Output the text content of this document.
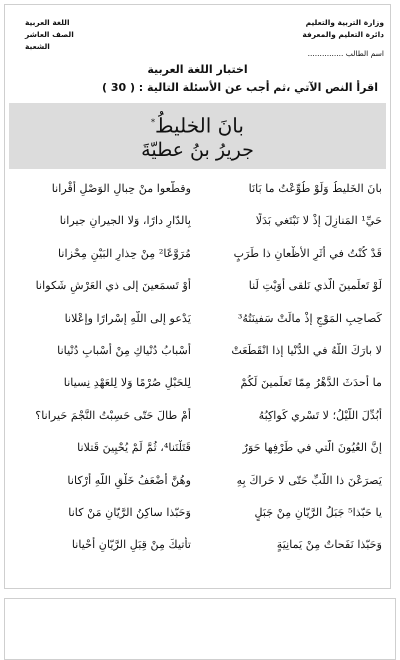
وزارة التربية والتعليم
دائرة التعليم والمعرفة
اللغة العربية
الصف العاشر
الشعبة
اسم الطالب ...............
اختبار اللغة العربية
اقرأ النص الآتي ،ثم أجب عن الأسئلة التالية : ( 30 )
بانَ الخليطُ*
جريرُ بنُ عطيّةَ
بانَ الخَليطُ وَلَوْ طُوِّعْتُ ما بَانَا
وقطّعوا منْ حِبالِ الوَصْلِ أقْرانا
حَيِّ¹ المَنازِلَ إذْ لا نَبْتَغي بَدَلًا
بِالدّارِ دارًا، وَلا الجيرانِ جيرانا
قَدْ كُنْتُ في أثَرِ الأظْعانِ ذا طَرَبٍ
مُرَوَّعًا² مِنْ حِذارِ البَيْنِ مِحْزانا
لَوْ تَعلَمينَ الّذي نَلقى أوَيْتِ لَنا
أوْ تَسمَعينَ إلى ذي العَرْشِ شَكوانا
كَصاحِبِ المَوْجِ إذْ مالَتْ سَفينَتُهُ³
يَدْعو إلى اللّهِ إسْرارًا وإعْلانا
لا بارَكَ اللّهُ في الدُّنْيا إذا انْقَطَعَتْ
أسْبابُ دُنْياكِ مِنْ أسْبابِ دُنْيانا
ما أحدَثَ الدَّهْرُ مِمّا تَعلَمينَ لَكُمْ
لِلحَبْلِ صُرْمًا وَلا لِلعَهْدِ نِسيانا
أبُدِّلَ اللّيْلُ؛ لا تَسْري كَواكِبُهُ
أمْ طالَ حَتّى حَسِبْتُ النَّجْمَ حَيرانا؟
إنَّ العُيُونَ الّتي في طَرْفِها حَوَرٌ
قَتَلْنَنا⁴، ثُمَّ لَمْ يُحْيِينَ قَتلانا
يَصرَعْنَ ذا اللُّبِّ حَتّى لا حَراكَ بِهِ
وهُنَّ أضْعَفُ خَلْقِ اللّهِ أرْكانا
يا حَبّذا⁵ جَبَلُ الرَّيّانِ مِنْ جَبَلٍ
وَحَبّذا ساكِنُ الرَّيّانِ مَنْ كانا
وَحَبّذا نَفَحاتٌ مِنْ يَمانِيَةٍ
تأتيكَ مِنْ قِبَلِ الرَّيّانِ أحْيانا
